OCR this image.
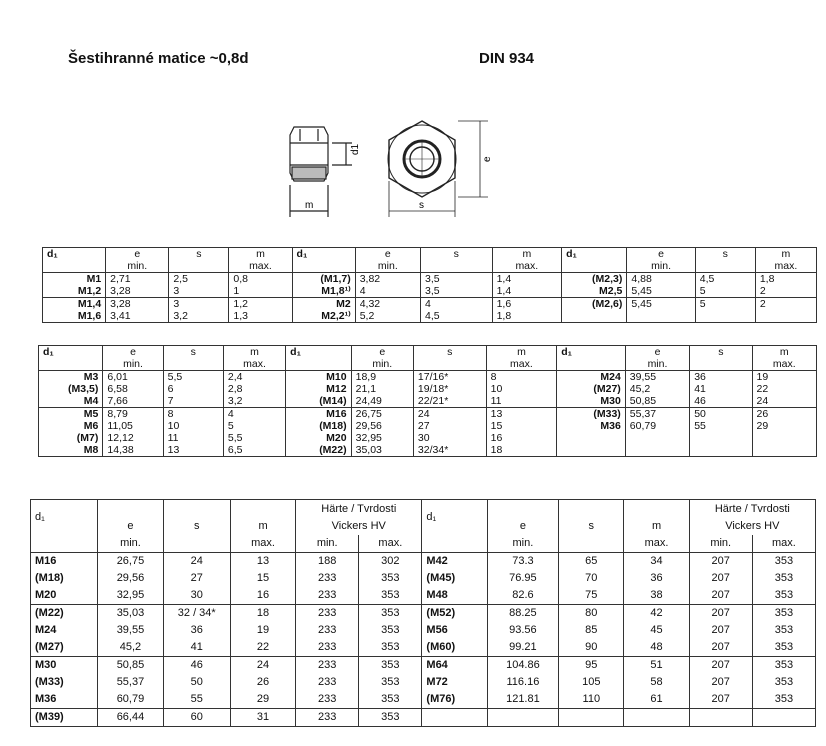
Šestihranné matice ~0,8d	DIN 934
d1
m	s
e
d₁	e	s	m	d₁	e	s	m	d₁	e	s	m
	min.		max.		min.		max.		min.		max.
M1	2,71	2,5	0,8	(M1,7)	3,82	3,5	1,4	(M2,3)	4,88	4,5	1,8
M1,2	3,28	3	1	M1,8¹⁾	4	3,5	1,4	M2,5	5,45	5	2
M1,4	3,28	3	1,2	M2	4,32	4	1,6	(M2,6)	5,45	5	2
M1,6	3,41	3,2	1,3	M2,2¹⁾	5,2	4,5	1,8				
d₁	e	s	m	d₁	e	s	m	d₁	e	s	m
	min.		max.		min.		max.		min.		max.
M3	6,01	5,5	2,4	M10	18,9	17/16*	8	M24	39,55	36	19
(M3,5)	6,58	6	2,8	M12	21,1	19/18*	10	(M27)	45,2	41	22
M4	7,66	7	3,2	(M14)	24,49	22/21*	11	M30	50,85	46	24
M5	8,79	8	4	M16	26,75	24	13	(M33)	55,37	50	26
M6	11,05	10	5	(M18)	29,56	27	15	M36	60,79	55	29
(M7)	12,12	11	5,5	M20	32,95	30	16				
M8	14,38	13	6,5	(M22)	35,03	32/34*	18				
d₁	e	s	m	Härte / Tvrdosti		d₁	e	s	m	Härte / Tvrdosti	
				Vickers HV						Vickers HV	
	min.		max.	min.	max.		min.		max.	min.	max.
M16	26,75	24	13	188	302	M42	73.3	65	34	207	353
(M18)	29,56	27	15	233	353	(M45)	76.95	70	36	207	353
M20	32,95	30	16	233	353	M48	82.6	75	38	207	353
(M22)	35,03	32 / 34*	18	233	353	(M52)	88.25	80	42	207	353
M24	39,55	36	19	233	353	M56	93.56	85	45	207	353
(M27)	45,2	41	22	233	353	(M60)	99.21	90	48	207	353
M30	50,85	46	24	233	353	M64	104.86	95	51	207	353
(M33)	55,37	50	26	233	353	M72	116.16	105	58	207	353
M36	60,79	55	29	233	353	(M76)	121.81	110	61	207	353
(M39)	66,44	60	31	233	353						
